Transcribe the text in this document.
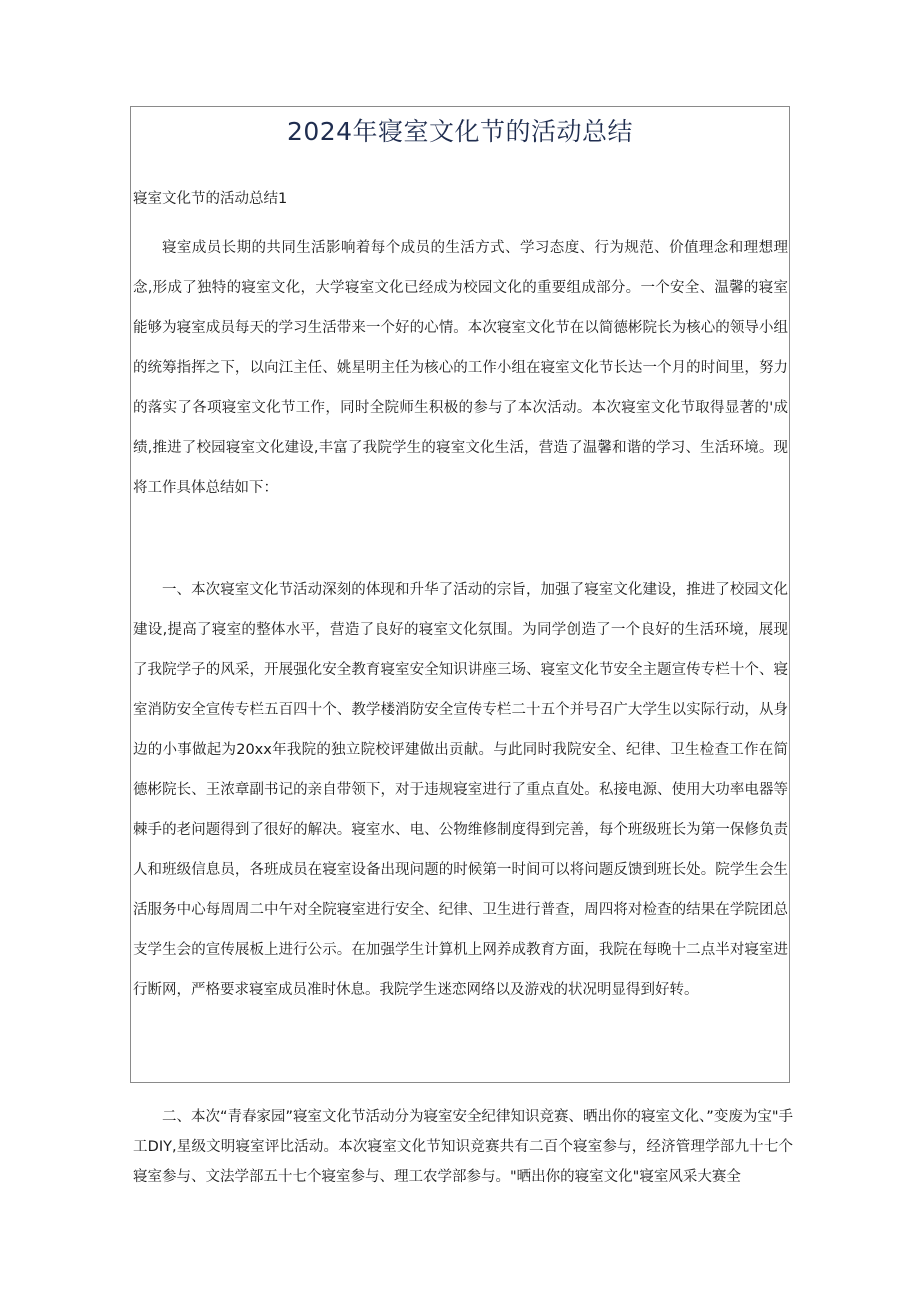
2024年寝室文化节的活动总结

寝室文化节的活动总结1

寝室成员长期的共同生活影响着每个成员的生活方式、学习态度、行为规范、价值理念和理想理念,形成了独特的寝室文化，大学寝室文化已经成为校园文化的重要组成部分。一个安全、温馨的寝室能够为寝室成员每天的学习生活带来一个好的心情。本次寝室文化节在以简德彬院长为核心的领导小组的统筹指挥之下，以向江主任、姚星明主任为核心的工作小组在寝室文化节长达一个月的时间里，努力的落实了各项寝室文化节工作，同时全院师生积极的参与了本次活动。本次寝室文化节取得显著的'成绩,推进了校园寝室文化建设,丰富了我院学生的寝室文化生活，营造了温馨和谐的学习、生活环境。现将工作具体总结如下：

一、本次寝室文化节活动深刻的体现和升华了活动的宗旨，加强了寝室文化建设，推进了校园文化建设,提高了寝室的整体水平，营造了良好的寝室文化氛围。为同学创造了一个良好的生活环境，展现了我院学子的风采，开展强化安全教育寝室安全知识讲座三场、寝室文化节安全主题宣传专栏十个、寝室消防安全宣传专栏五百四十个、教学楼消防安全宣传专栏二十五个并号召广大学生以实际行动，从身边的小事做起为20xx年我院的独立院校评建做出贡献。与此同时我院安全、纪律、卫生检查工作在简德彬院长、王浓章副书记的亲自带领下，对于违规寝室进行了重点直处。私接电源、使用大功率电器等棘手的老问题得到了很好的解决。寝室水、电、公物维修制度得到完善，每个班级班长为第一保修负责人和班级信息员，各班成员在寝室设备出现问题的时候第一时间可以将问题反馈到班长处。院学生会生活服务中心每周周二中午对全院寝室进行安全、纪律、卫生进行普查，周四将对检查的结果在学院团总支学生会的宣传展板上进行公示。在加强学生计算机上网养成教育方面，我院在每晚十二点半对寝室进行断网，严格要求寝室成员准时休息。我院学生迷恋网络以及游戏的状况明显得到好转。

二、本次“青春家园”寝室文化节活动分为寝室安全纪律知识竞赛、晒出你的寝室文化、”变废为宝"手工DIY,星级文明寝室评比活动。本次寝室文化节知识竞赛共有二百个寝室参与，经济管理学部九十七个寝室参与、文法学部五十七个寝室参与、理工农学部参与。"晒出你的寝室文化"寝室风采大赛全
